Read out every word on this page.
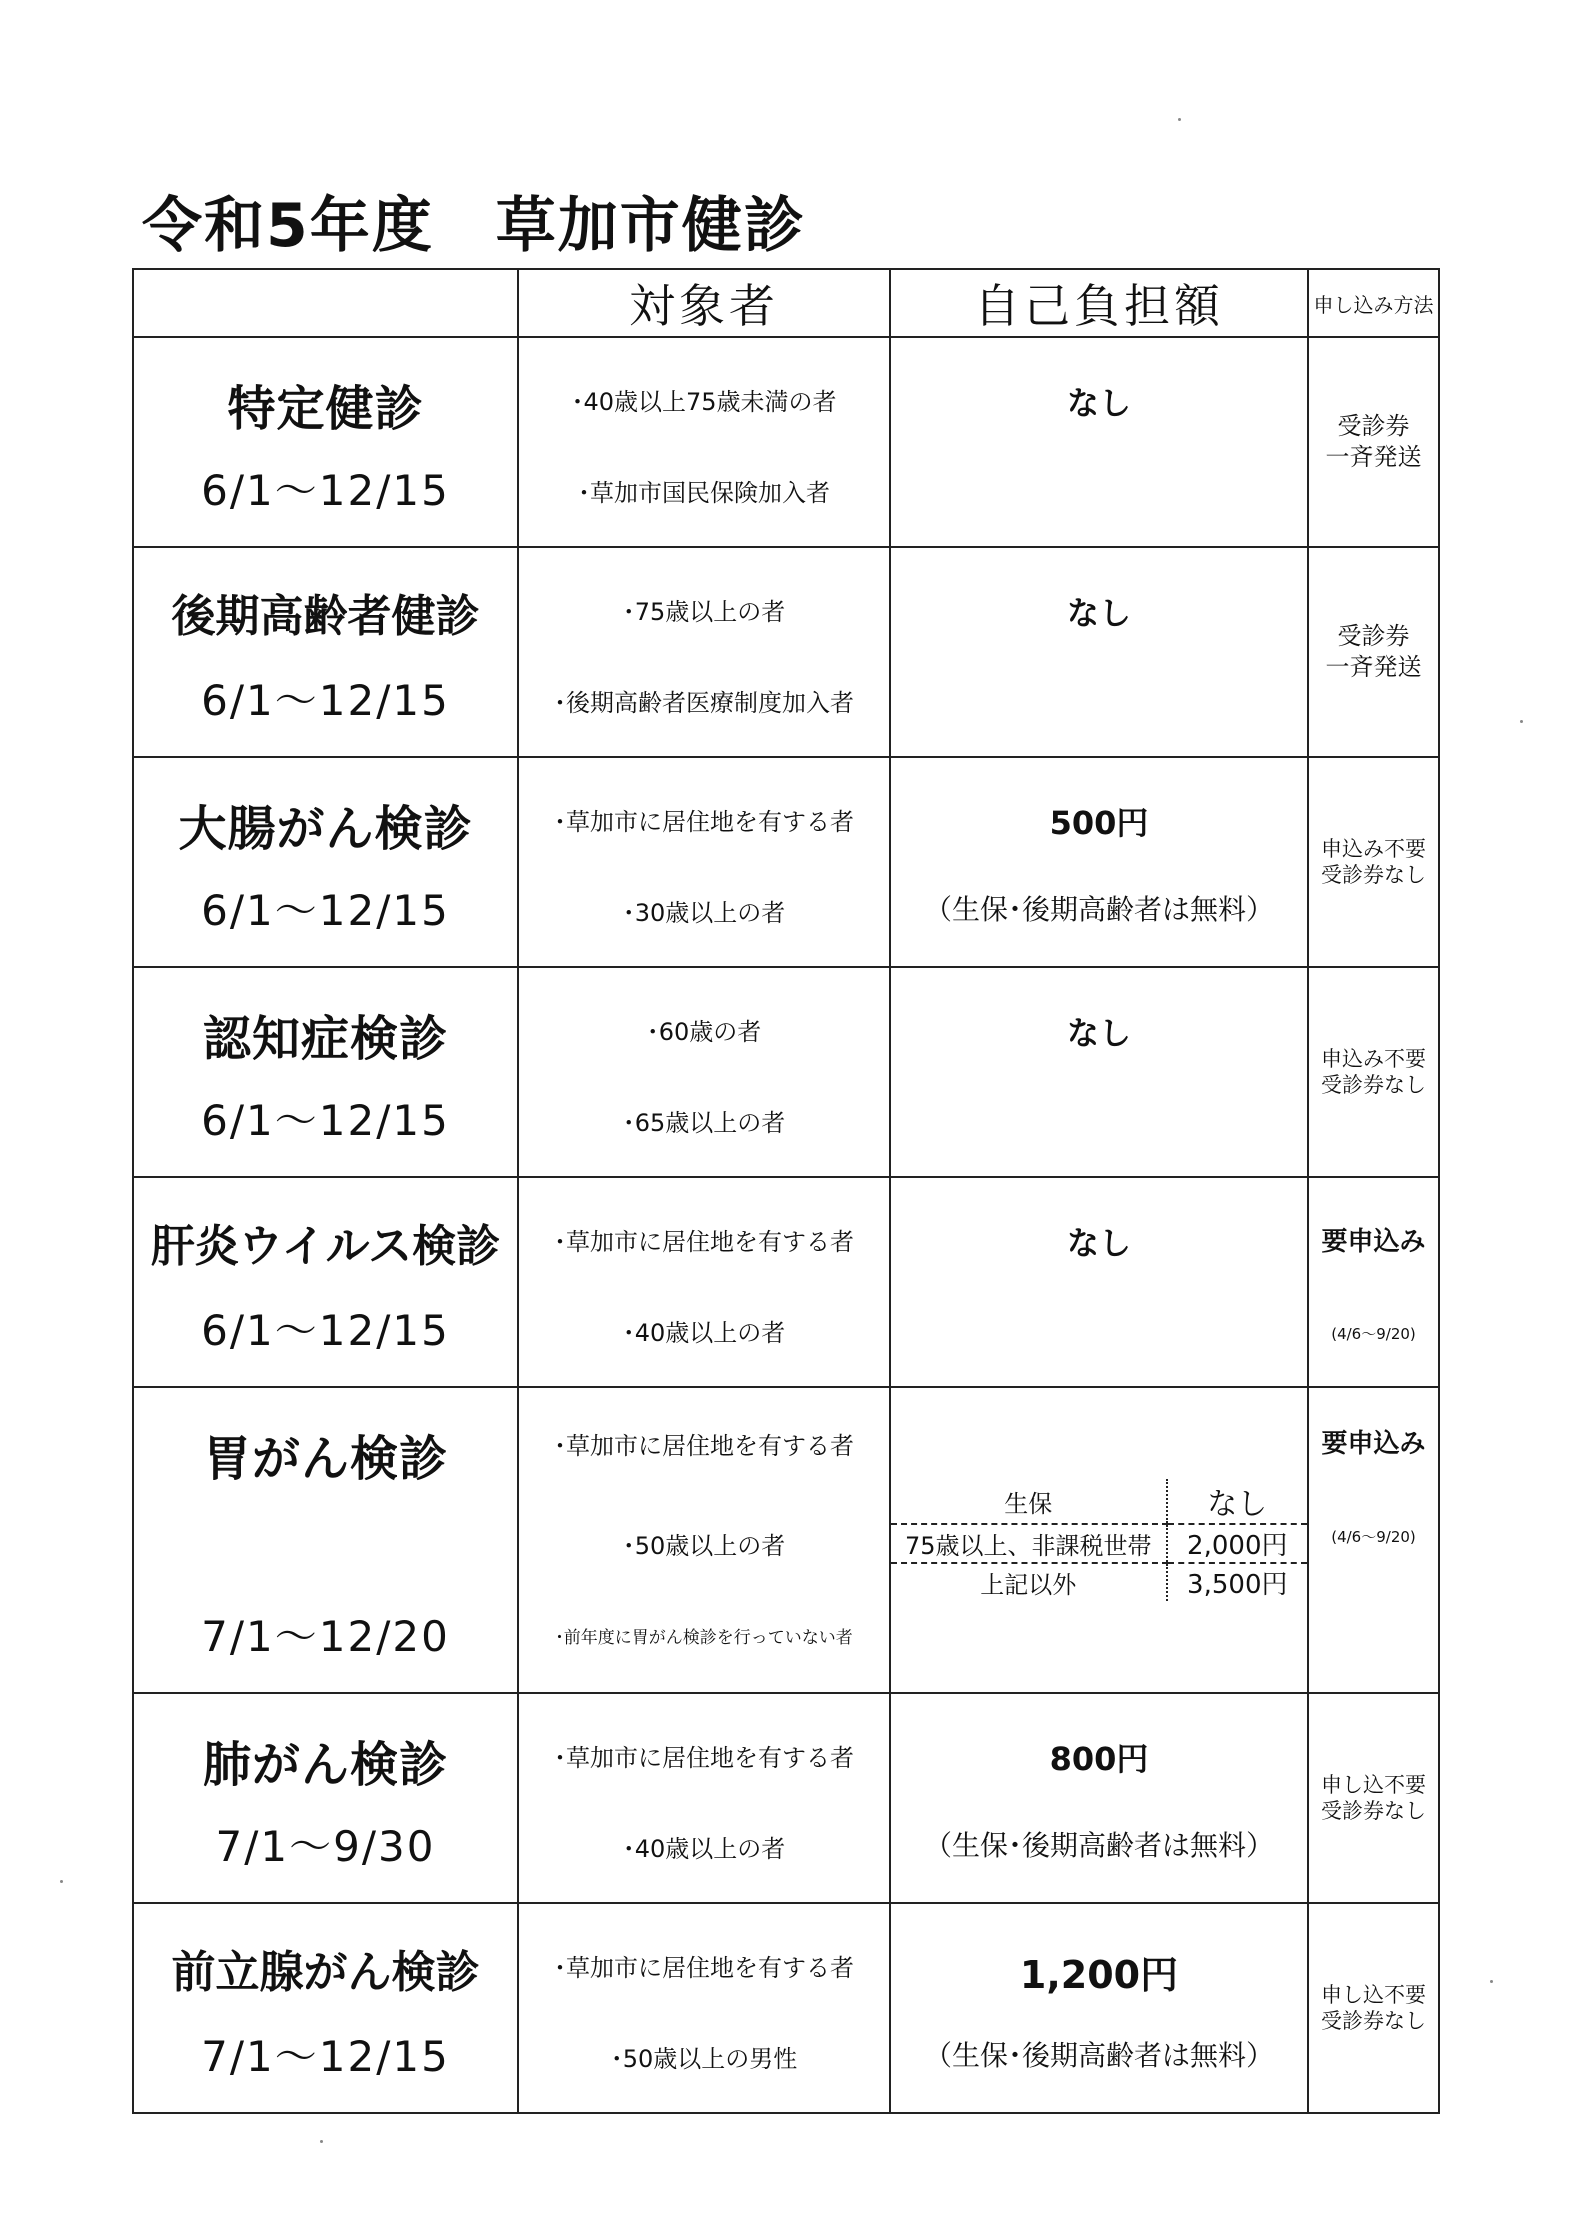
令和5年度　草加市健診
	対象者	自己負担額	申し込み方法

特定健診
6/1～12/15

･40歳以上75歳未満の者
･草加市国民保険加入者

なし

受診券
一斉発送

後期高齢者健診
6/1～12/15

･75歳以上の者
･後期高齢者医療制度加入者

なし

受診券
一斉発送

大腸がん検診
6/1～12/15

･草加市に居住地を有する者
･30歳以上の者

500円
（生保･後期高齢者は無料）

申込み不要
受診券なし

認知症検診
6/1～12/15

･60歳の者
･65歳以上の者

なし

申込み不要
受診券なし

肝炎ウイルス検診
6/1～12/15

･草加市に居住地を有する者
･40歳以上の者

なし	要申込み
(4/6～9/20)

胃がん検診
7/1～12/20

･草加市に居住地を有する者
･50歳以上の者
･前年度に胃がん検診を行っていない者

生保	なし
75歳以上、非課税世帯	2,000円
上記以外	3,500円

要申込み
(4/6～9/20)

肺がん検診
7/1～9/30

･草加市に居住地を有する者
･40歳以上の者

800円
（生保･後期高齢者は無料）

申し込不要
受診券なし

前立腺がん検診
7/1～12/15

･草加市に居住地を有する者
･50歳以上の男性

1,200円
（生保･後期高齢者は無料）

申し込不要
受診券なし
